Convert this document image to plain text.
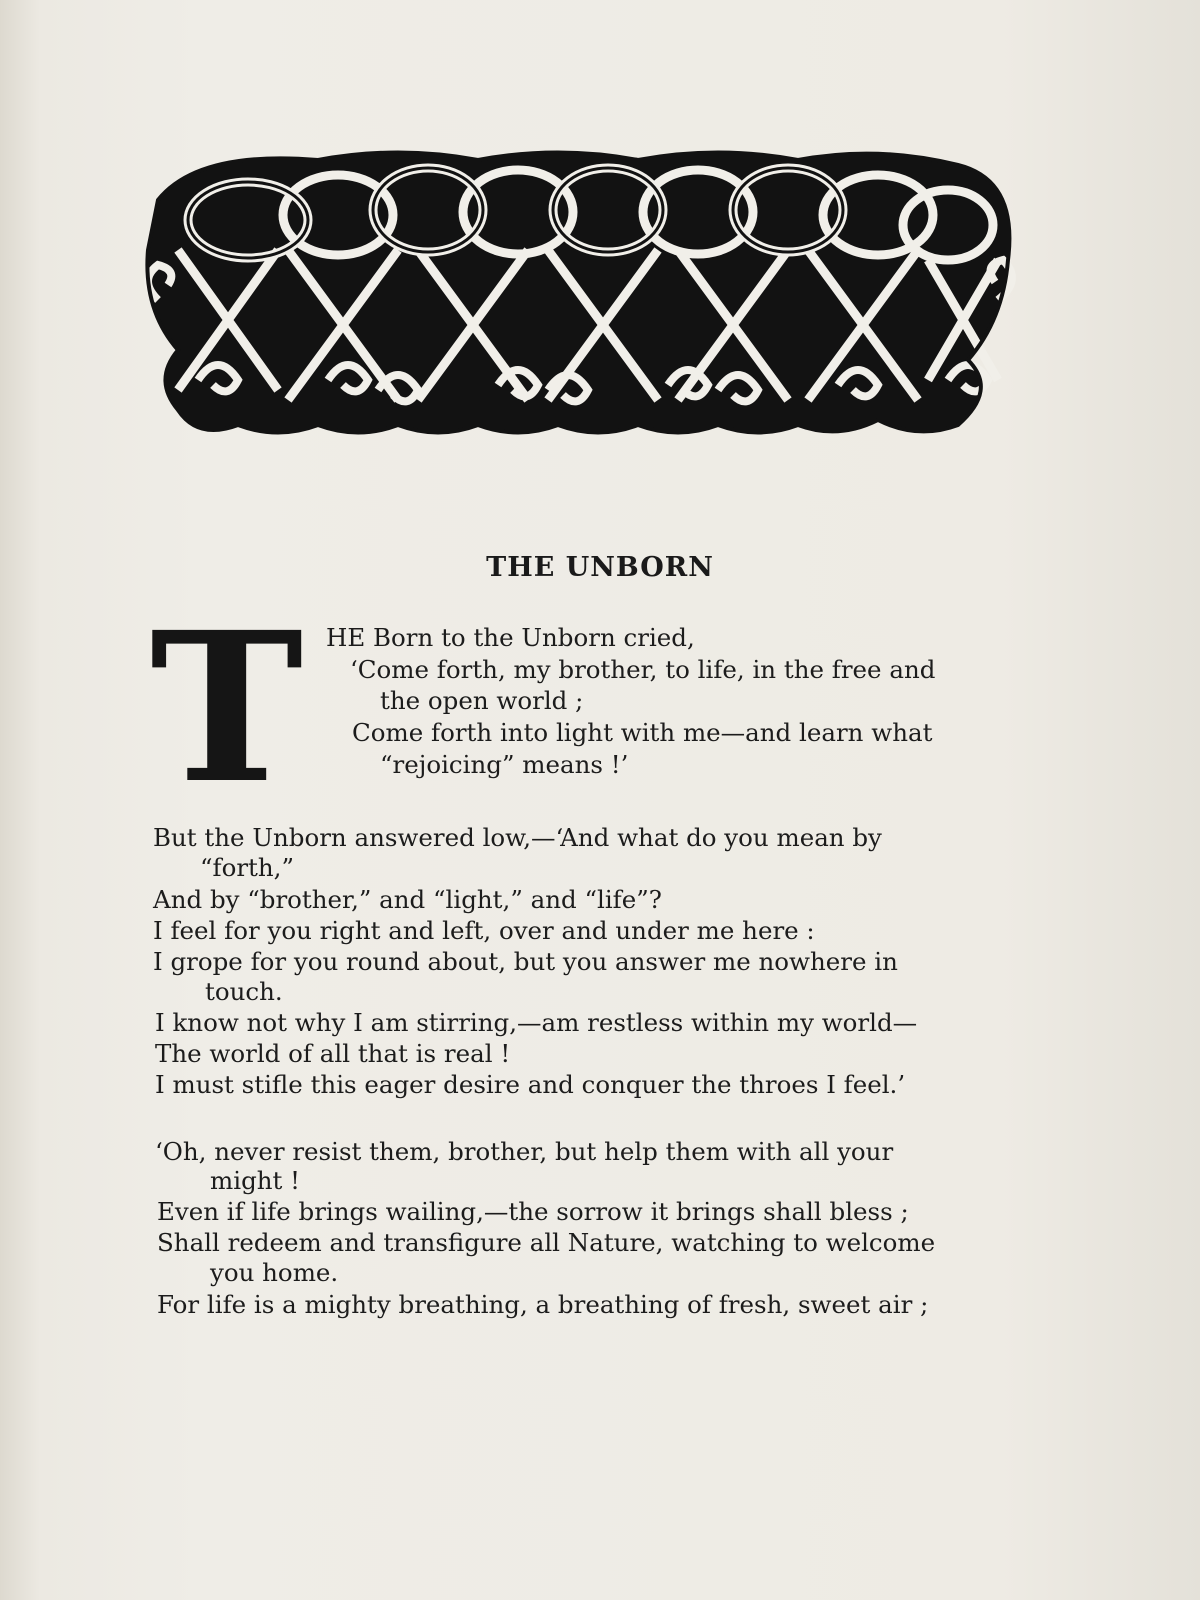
THE UNBORN
T HE Born to the Unborn cried,
‘Come forth, my brother, to life, in the free and
the open world ;
Come forth into light with me—and learn what
“rejoicing” means !’
But the Unborn answered low,—‘And what do you mean by
“forth,”
And by “brother,” and “light,” and “life”?
I feel for you right and left, over and under me here :
I grope for you round about, but you answer me nowhere in
touch.
I know not why I am stirring,—am restless within my world—
The world of all that is real !
I must stifle this eager desire and conquer the throes I feel.’
‘Oh, never resist them, brother, but help them with all your
might !
Even if life brings wailing,—the sorrow it brings shall bless ;
Shall redeem and transfigure all Nature, watching to welcome
you home.
For life is a mighty breathing, a breathing of fresh, sweet air ;
